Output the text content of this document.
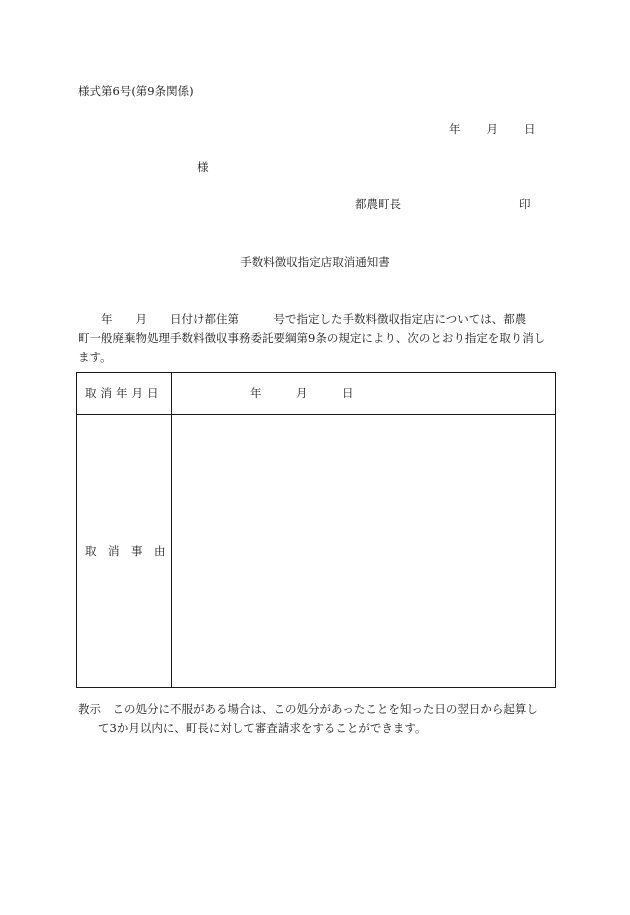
様式第6号(第9条関係)
年 月 日
様
都農町長	印
手数料徴収指定店取消通知書
　　年　　月　　日付け都住第　　　号で指定した手数料徴収指定店については、都農
町一般廃棄物処理手数料徴収事務委託要綱第9条の規定により、次のとおり指定を取り消し
ます。
取消年月日	年　　　月　　　日
取　消　事　由
教示　この処分に不服がある場合は、この処分があったことを知った日の翌日から起算し
て3か月以内に、町長に対して審査請求をすることができます。
